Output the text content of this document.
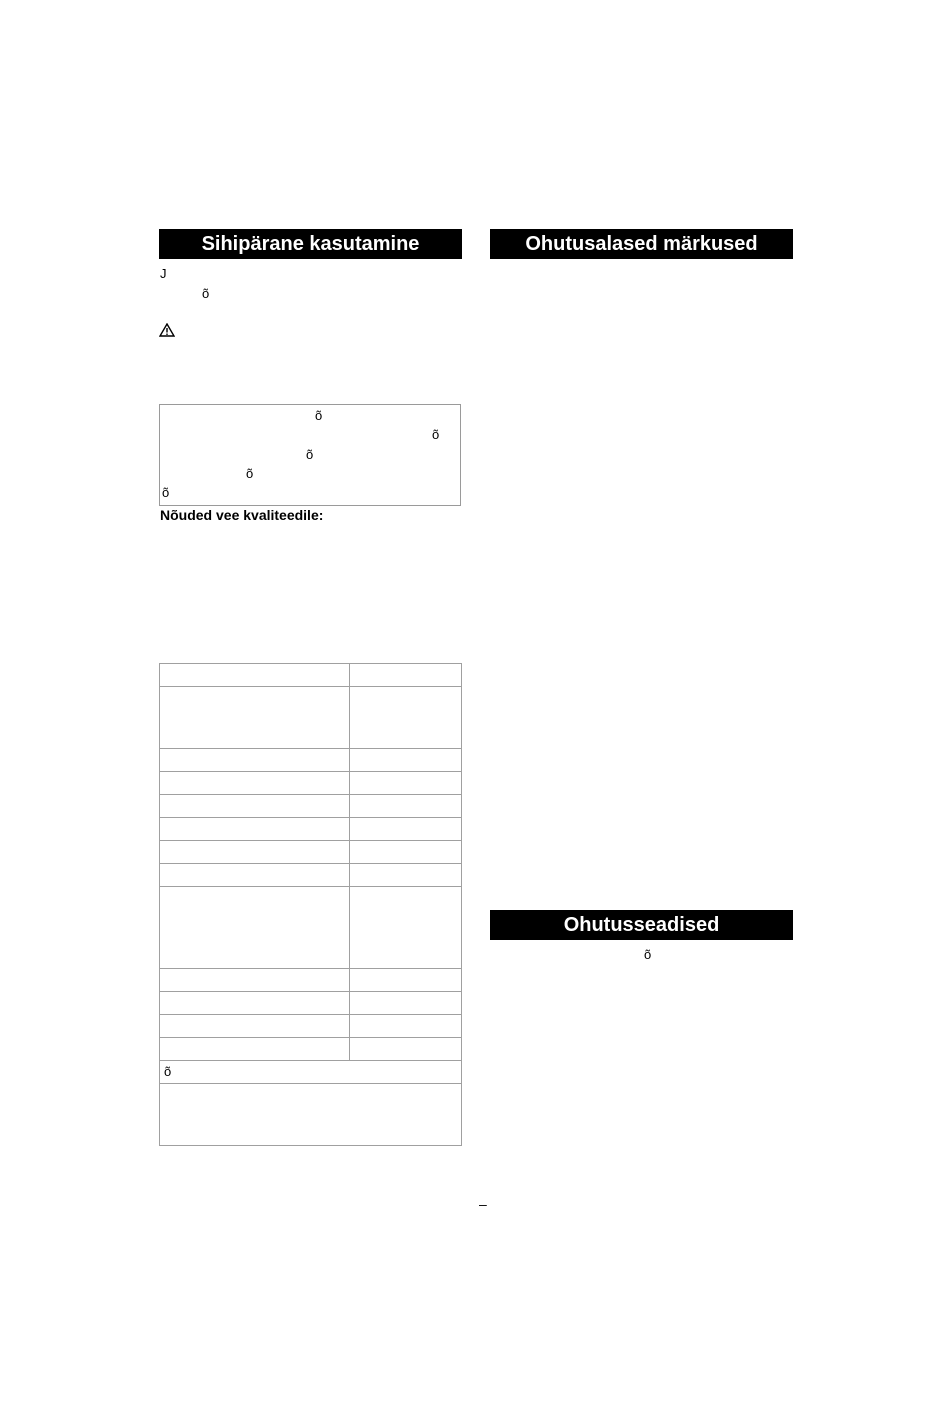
Sihipärane kasutamine	Ohutusalased märkused
Ohutusseadised
J
õ
õ
õ
õ
õ
õ
Nõuded vee kvaliteedile:

õ	

õ
–
